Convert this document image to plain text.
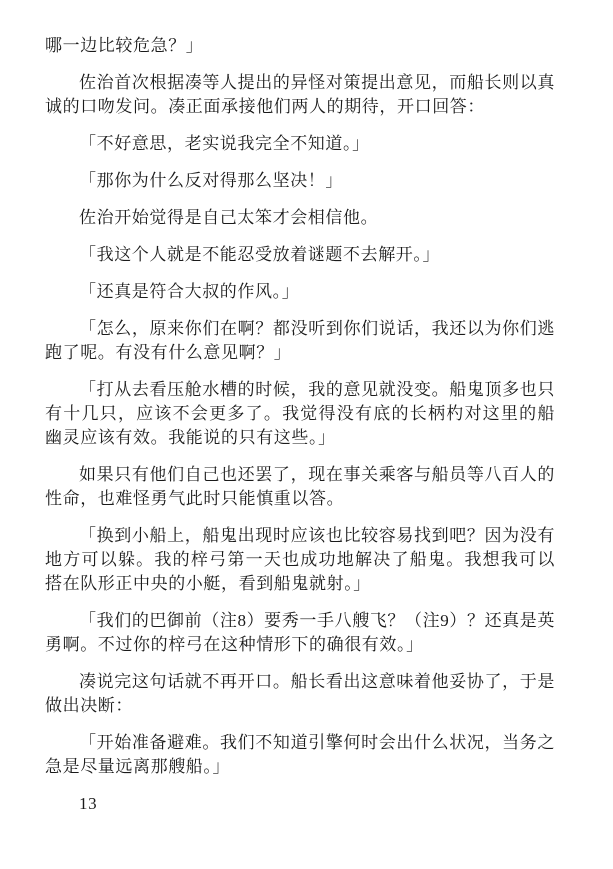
哪一边比较危急？」

佐治首次根据凑等人提出的异怪对策提出意见，而船长则以真诚的口吻发问。凑正面承接他们两人的期待，开口回答：

「不好意思，老实说我完全不知道。」

「那你为什么反对得那么坚决！」

佐治开始觉得是自己太笨才会相信他。

「我这个人就是不能忍受放着谜题不去解开。」

「还真是符合大叔的作风。」

「怎么，原来你们在啊？都没听到你们说话，我还以为你们逃跑了呢。有没有什么意见啊？」

「打从去看压舱水槽的时候，我的意见就没变。船鬼顶多也只有十几只，应该不会更多了。我觉得没有底的长柄杓对这里的船幽灵应该有效。我能说的只有这些。」

如果只有他们自己也还罢了，现在事关乘客与船员等八百人的性命，也难怪勇气此时只能慎重以答。

「换到小船上，船鬼出现时应该也比较容易找到吧？因为没有地方可以躲。我的梓弓第一天也成功地解决了船鬼。我想我可以搭在队形正中央的小艇，看到船鬼就射。」

「我们的巴御前（注8）要秀一手八艘飞？（注9）？还真是英勇啊。不过你的梓弓在这种情形下的确很有效。」

凑说完这句话就不再开口。船长看出这意味着他妥协了，于是做出决断：

「开始准备避难。我们不知道引擎何时会出什么状况，当务之急是尽量远离那艘船。」

13
